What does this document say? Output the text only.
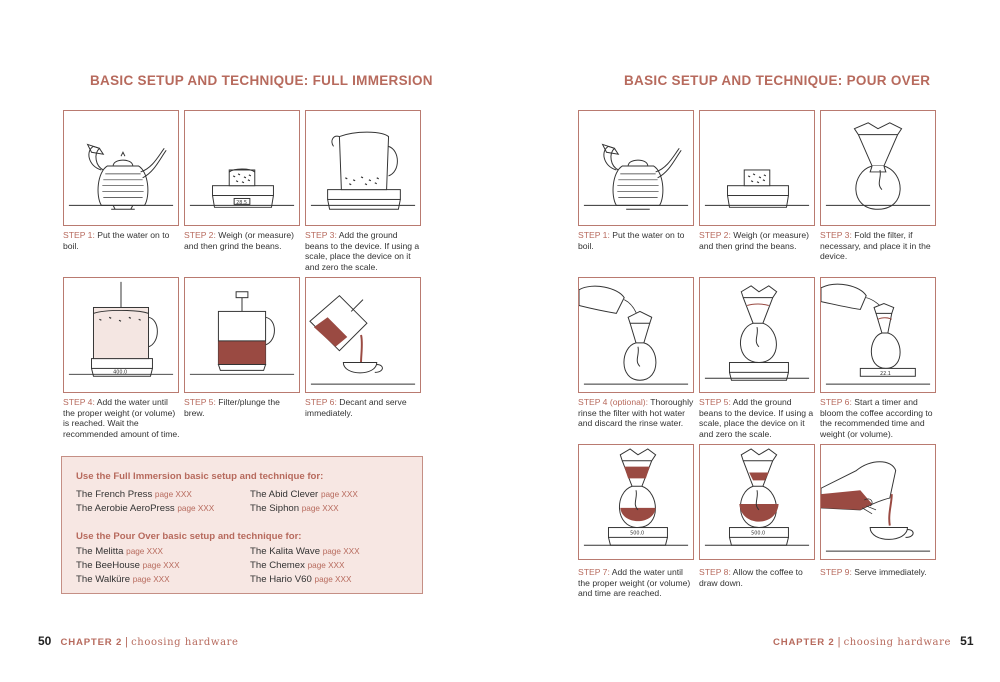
BASIC SETUP AND TECHNIQUE: FULL IMMERSION	BASIC SETUP AND TECHNIQUE: POUR OVER
28.5
STEP 1: Put the water on to boil.
STEP 2: Weigh (or measure) and then grind the beans.
STEP 3: Add the ground beans to the device. If using a scale, place the device on it and zero the scale.
400.0
STEP 4: Add the water until the proper weight (or volume) is reached. Wait the recommended amount of time.
STEP 5: Filter/plunge the brew.
STEP 6: Decant and serve immediately.
Use the Full Immersion basic setup and technique for:
The French Press page XXX	The Abid Clever page XXX
The Aerobie AeroPress page XXX	The Siphon page XXX
Use the Pour Over basic setup and technique for:
The Melitta page XXX	The Kalita Wave page XXX
The BeeHouse page XXX	The Chemex page XXX
The Walküre page XXX	The Hario V60 page XXX
STEP 1: Put the water on to boil.
STEP 2: Weigh (or measure) and then grind the beans.
STEP 3: Fold the filter, if necessary, and place it in the device.
22.1
STEP 4 (optional): Thoroughly rinse the filter with hot water and discard the rinse water.
STEP 5: Add the ground beans to the device. If using a scale, place the device on it and zero the scale.
STEP 6: Start a timer and bloom the coffee according to the recommended time and weight (or volume).
500.0	500.0
STEP 7: Add the water until the proper weight (or volume) and time are reached.
STEP 8: Allow the coffee to draw down.
STEP 9: Serve immediately.
50 CHAPTER 2 | choosing hardware	CHAPTER 2 | choosing hardware 51
